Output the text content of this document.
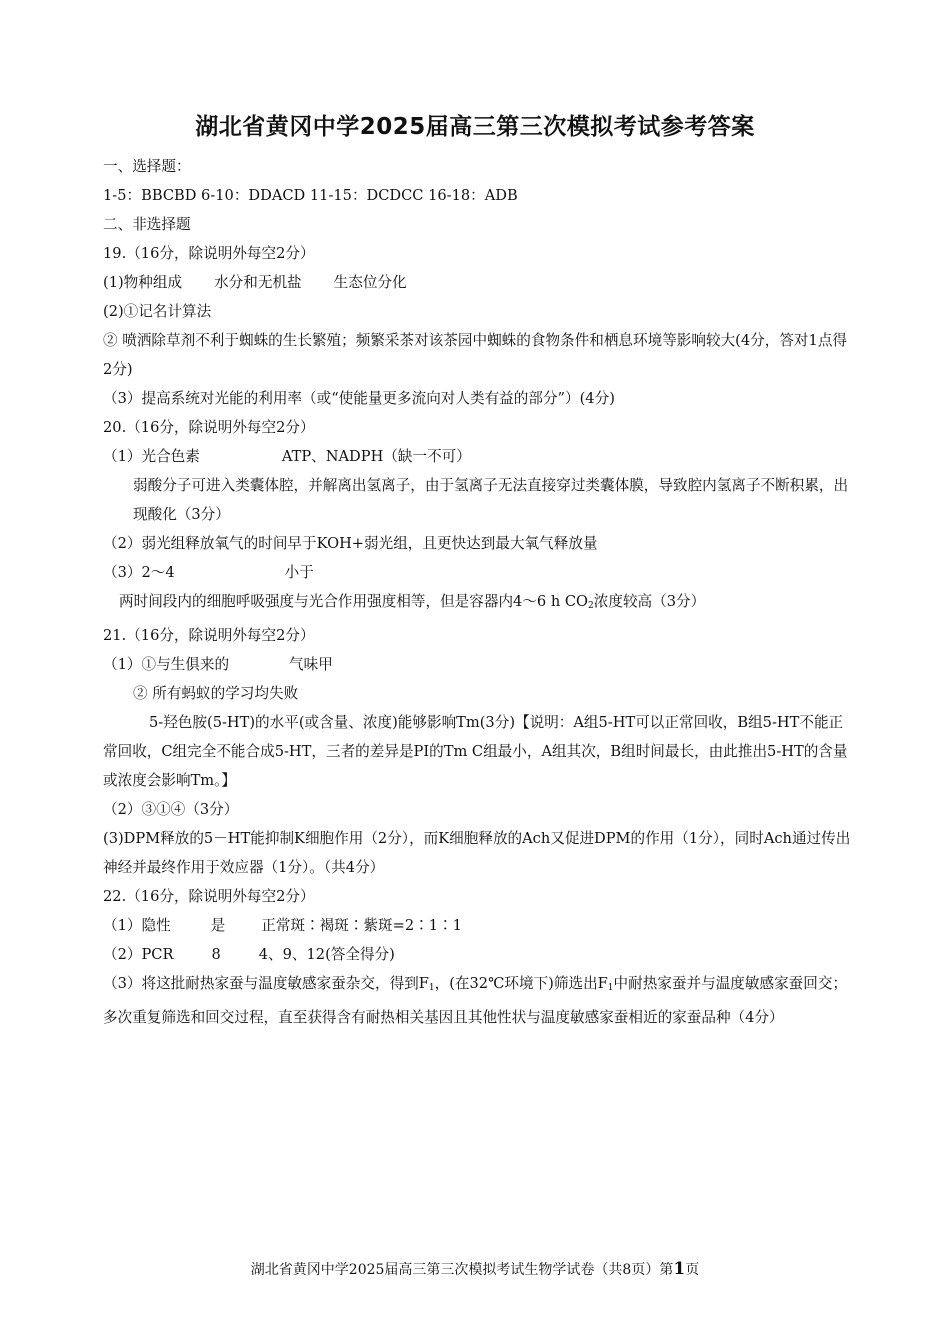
湖北省黄冈中学2025届高三第三次模拟考试参考答案
一、选择题：
1-5：BBCBD 6-10：DDACD 11-15：DCDCC 16-18：ADB
二、非选择题
19.（16分，除说明外每空2分）
(1)物种组成 水分和无机盐 生态位分化
(2)①记名计算法
② 喷洒除草剂不利于蜘蛛的生长繁殖；频繁采茶对该茶园中蜘蛛的食物条件和栖息环境等影响较大(4分，答对1点得2分)
（3）提高系统对光能的利用率（或“使能量更多流向对人类有益的部分”）(4分)
20.（16分，除说明外每空2分）
（1）光合色素	ATP、NADPH（缺一不可）
弱酸分子可进入类囊体腔，并解离出氢离子，由于氢离子无法直接穿过类囊体膜，导致腔内氢离子不断积累，出现酸化（3分）
（2）弱光组释放氧气的时间早于KOH+弱光组，且更快达到最大氧气释放量
（3）2～4	小于
两时间段内的细胞呼吸强度与光合作用强度相等，但是容器内4～6 h $CO_2$浓度较高（3分）
21.（16分，除说明外每空2分）
（1）①与生俱来的	气味甲
② 所有蚂蚁的学习均失败
5-羟色胺(5-HT)的水平(或含量、浓度)能够影响Tm(3分)【说明：A组5-HT可以正常回收，B组5-HT不能正常回收，C组完全不能合成5-HT，三者的差异是PI的Tm C组最小，A组其次，B组时间最长，由此推出5-HT的含量或浓度会影响Tm。】
（2）③①④（3分）
(3)DPM释放的5－HT能抑制K细胞作用（2分），而K细胞释放的Ach又促进DPM的作用（1分），同时Ach通过传出神经并最终作用于效应器（1分）。（共4分）
22.（16分，除说明外每空2分）
（1）隐性	是 正常斑∶褐斑∶紫斑=2∶1∶1
（2）PCR	8	4、9、12(答全得分)
（3）将这批耐热家蚕与温度敏感家蚕杂交，得到$F_1$，(在32℃环境下)筛选出$F_1$中耐热家蚕并与温度敏感家蚕回交；多次重复筛选和回交过程，直至获得含有耐热相关基因且其他性状与温度敏感家蚕相近的家蚕品种（4分）
湖北省黄冈中学2025届高三第三次模拟考试生物学试卷（共8页）第1页
